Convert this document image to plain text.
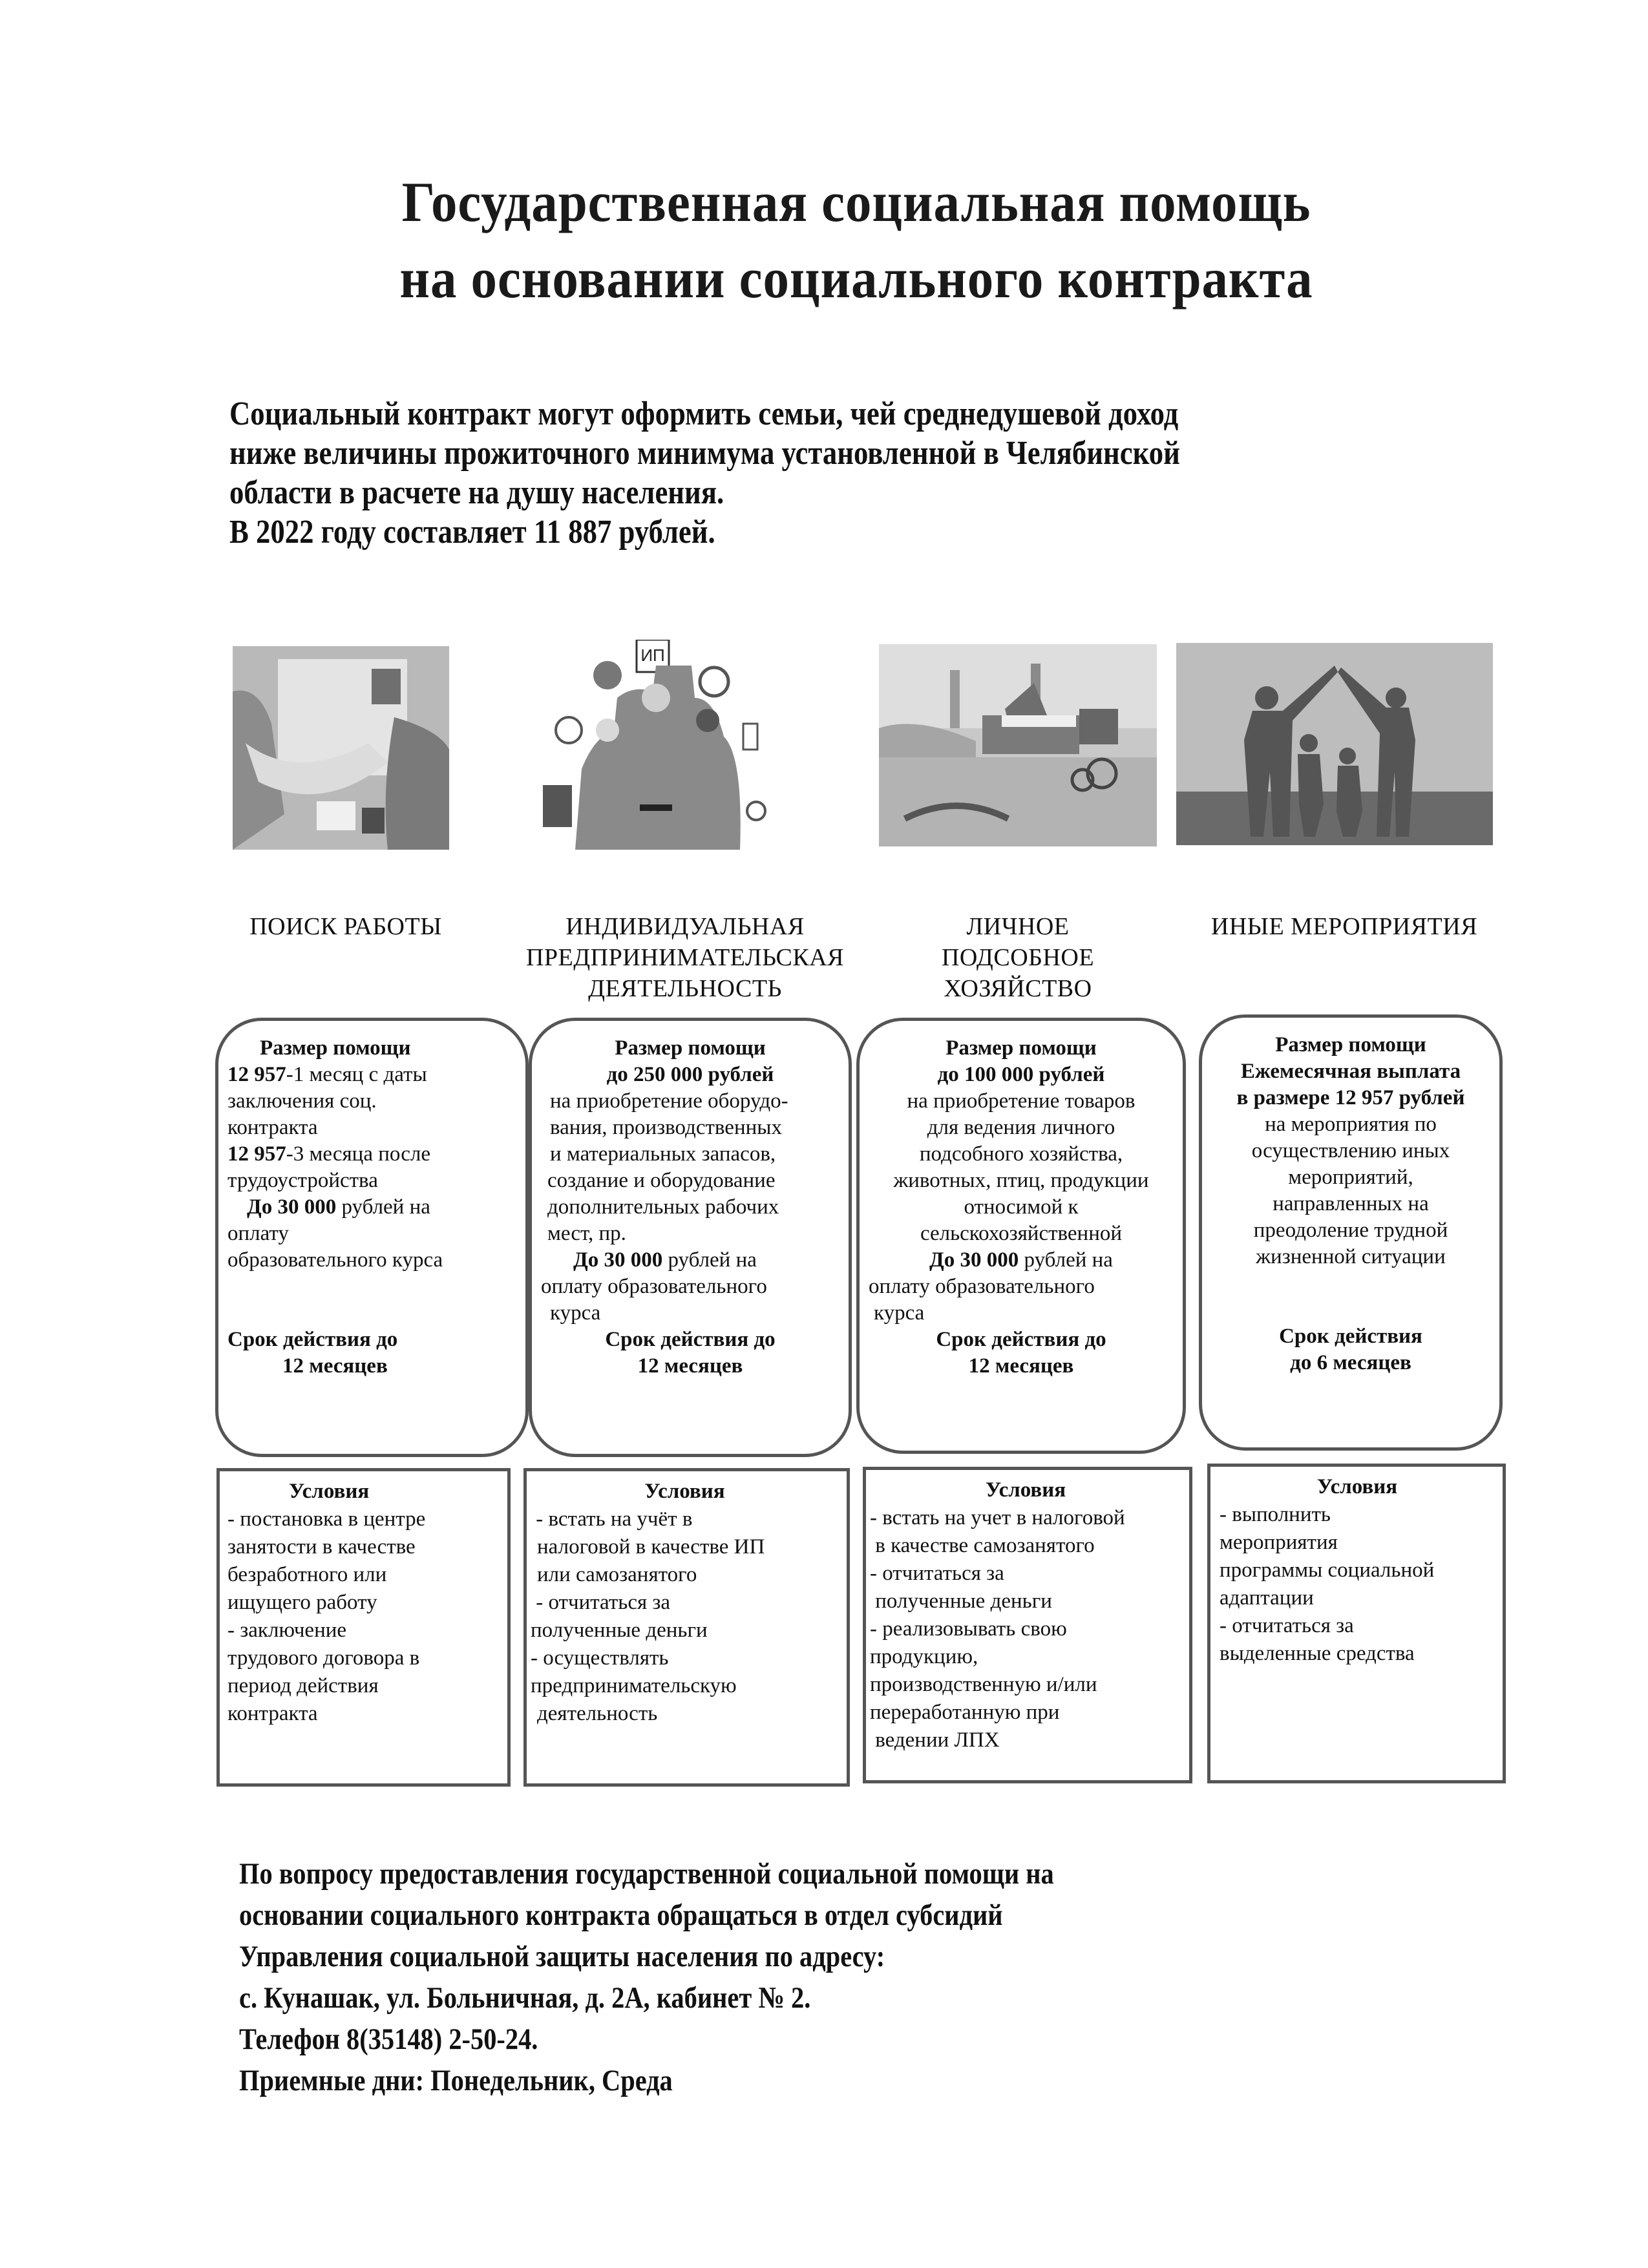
Государственная социальная помощь
на основании социального контракта
Социальный контракт могут оформить семьи, чей среднедушевой доход
ниже величины прожиточного минимума установленной в Челябинской
области в расчете на душу населения.
В 2022 году составляет 11 887 рублей.
ИП
ПОИСК РАБОТЫ	ИНДИВИДУАЛЬНАЯ
ПРЕДПРИНИМАТЕЛЬСКАЯ
ДЕЯТЕЛЬНОСТЬ
ЛИЧНОЕ
ПОДСОБНОЕ
ХОЗЯЙСТВО
ИНЫЕ МЕРОПРИЯТИЯ
Размер помощи
12 957-1 месяц с даты
заключения соц.
контракта
12 957-3 месяца после
трудоустройства
До 30 000 рублей на
оплату
образовательного курса
Срок действия до
12 месяцев
Размер помощи
до 250 000 рублей
на приобретение оборудо-
вания, производственных
и материальных запасов,
создание и оборудование
дополнительных рабочих
мест, пр.
До 30 000 рублей на
оплату образовательного
курса
Срок действия до
12 месяцев
Размер помощи
до 100 000 рублей
на приобретение товаров
для ведения личного
подсобного хозяйства,
животных, птиц, продукции
относимой к
сельскохозяйственной
До 30 000 рублей на
оплату образовательного
курса
Срок действия до
12 месяцев
Размер помощи
Ежемесячная выплата
в размере 12 957 рублей
на мероприятия по
осуществлению иных
мероприятий,
направленных на
преодоление трудной
жизненной ситуации
Срок действия
до 6 месяцев
Условия
- постановка в центре
занятости в качестве
безработного или
ищущего работу
- заключение
трудового договора в
период действия
контракта
Условия
- встать на учёт в
налоговой в качестве ИП
или самозанятого
- отчитаться за
полученные деньги
- осуществлять
предпринимательскую
деятельность
Условия
- встать на учет в налоговой
в качестве самозанятого
- отчитаться за
полученные деньги
- реализовывать свою
продукцию,
производственную и/или
переработанную при
ведении ЛПХ
Условия
- выполнить
мероприятия
программы социальной
адаптации
- отчитаться за
выделенные средства
По вопросу предоставления государственной социальной помощи на
основании социального контракта обращаться в отдел субсидий
Управления социальной защиты населения по адресу:
с. Кунашак, ул. Больничная, д. 2А, кабинет № 2.
Телефон 8(35148) 2-50-24.
Приемные дни: Понедельник, Среда
